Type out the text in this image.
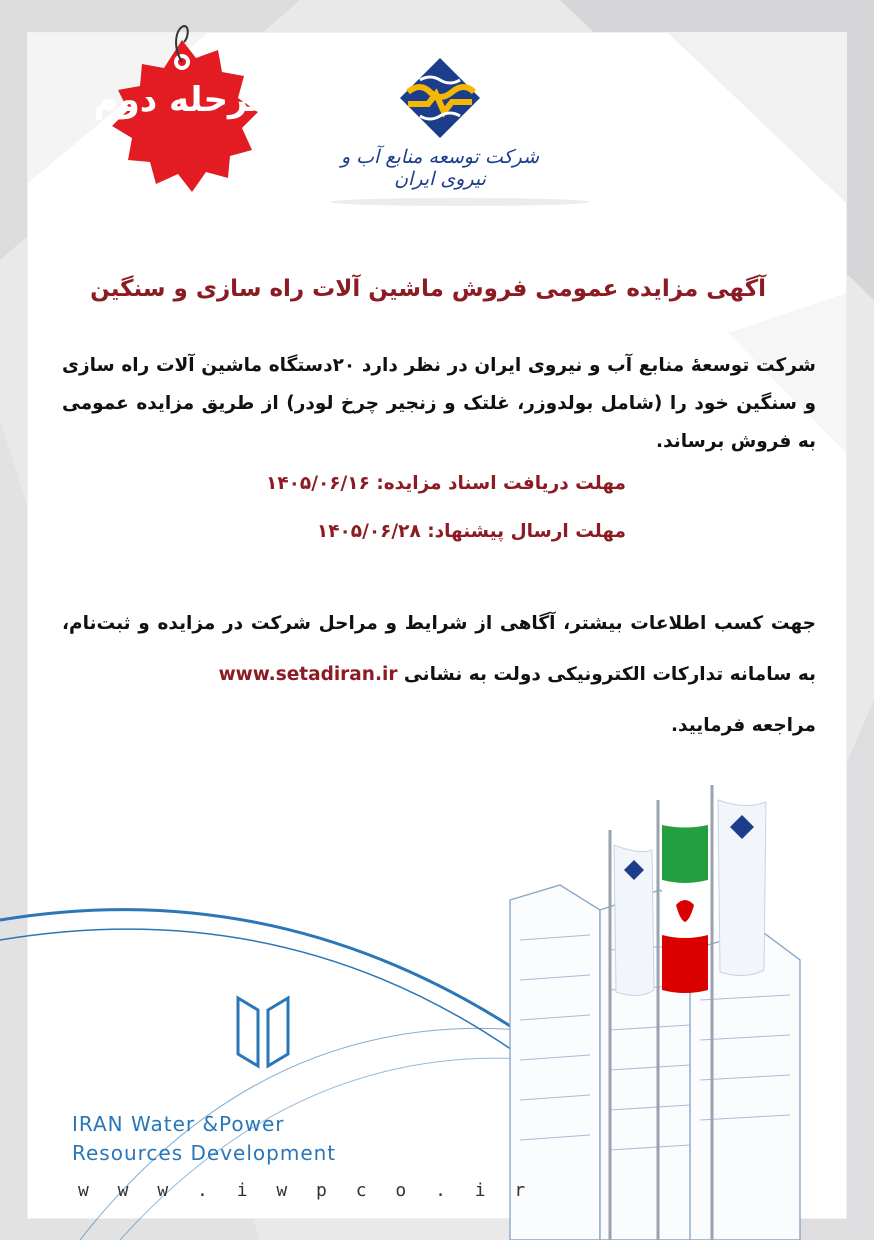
مرحله دوم
شرکت توسعه منابع آب و نیروی ایران
آگهی مزایده عمومی فروش ماشین آلات راه سازی و سنگین
شرکت توسعهٔ منابع آب و نیروی ایران در نظر دارد ۲۰دستگاه ماشین آلات راه سازی و سنگین خود را (شامل بولدوزر، غلتک و زنجیر چرخ لودر) از طریق مزایده عمومی به فروش برساند.
مهلت دریافت اسناد مزایده: ۱۴۰۵/۰۶/۱۶
مهلت ارسال پیشنهاد: ۱۴۰۵/۰۶/۲۸
جهت کسب اطلاعات بیشتر، آگاهی از شرایط و مراحل شرکت در مزایده و ثبت‌نام، به سامانه تدارکات الکترونیکی دولت به نشانی www.setadiran.ir
مراجعه فرمایید.
IRAN Water &Power
Resources Development
w w w . i w p c o . i r
